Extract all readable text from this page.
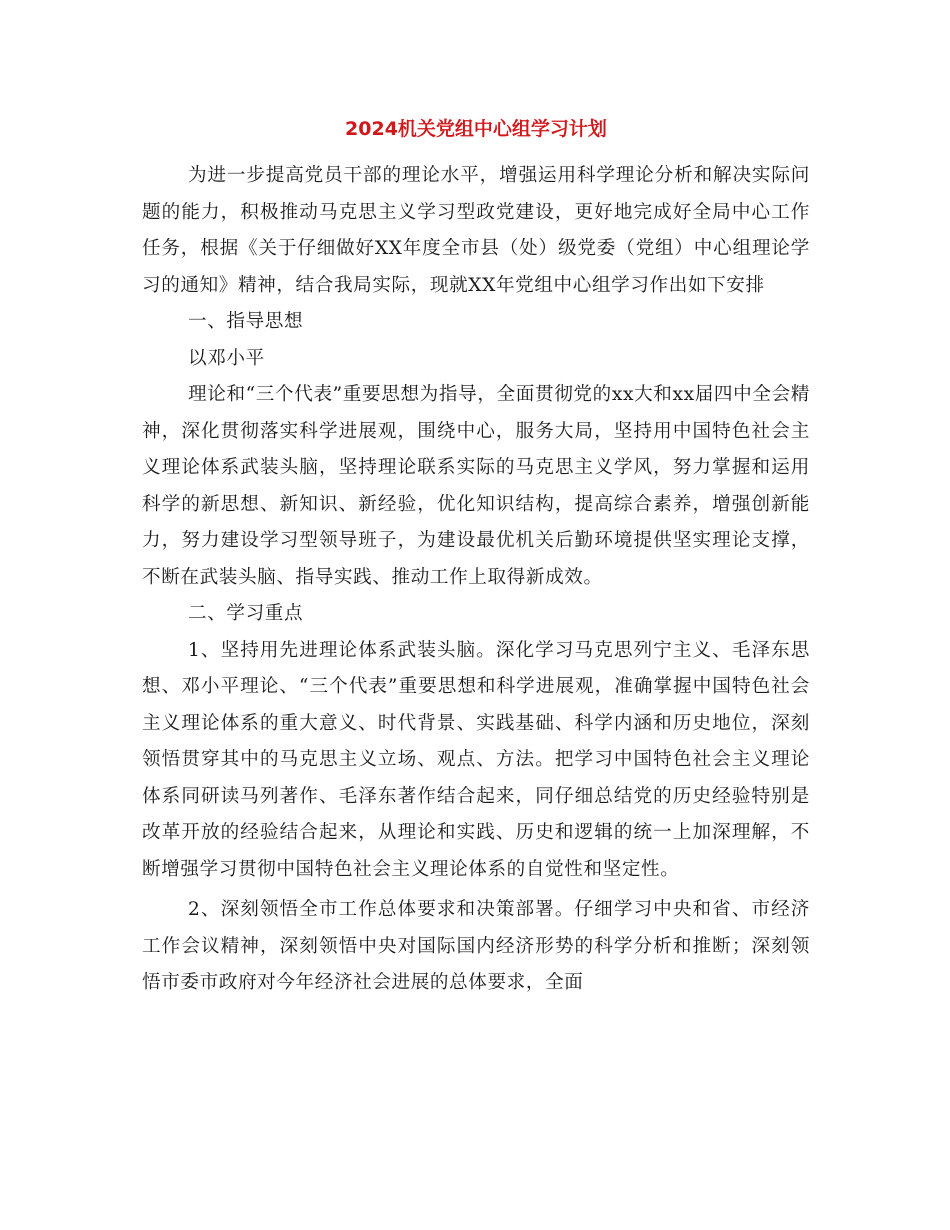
2024机关党组中心组学习计划

为进一步提高党员干部的理论水平，增强运用科学理论分析和解决实际问题的能力，积极推动马克思主义学习型政党建设，更好地完成好全局中心工作任务，根据《关于仔细做好XX年度全市县（处）级党委（党组）中心组理论学习的通知》精神，结合我局实际，现就XX年党组中心组学习作出如下安排

一、指导思想

以邓小平

理论和“三个代表”重要思想为指导，全面贯彻党的xx大和xx届四中全会精神，深化贯彻落实科学进展观，围绕中心，服务大局，坚持用中国特色社会主义理论体系武装头脑，坚持理论联系实际的马克思主义学风，努力掌握和运用科学的新思想、新知识、新经验，优化知识结构，提高综合素养，增强创新能力，努力建设学习型领导班子，为建设最优机关后勤环境提供坚实理论支撑，不断在武装头脑、指导实践、推动工作上取得新成效。

二、学习重点

1、坚持用先进理论体系武装头脑。深化学习马克思列宁主义、毛泽东思想、邓小平理论、“三个代表”重要思想和科学进展观，准确掌握中国特色社会主义理论体系的重大意义、时代背景、实践基础、科学内涵和历史地位，深刻领悟贯穿其中的马克思主义立场、观点、方法。把学习中国特色社会主义理论体系同研读马列著作、毛泽东著作结合起来，同仔细总结党的历史经验特别是改革开放的经验结合起来，从理论和实践、历史和逻辑的统一上加深理解，不断增强学习贯彻中国特色社会主义理论体系的自觉性和坚定性。

2、深刻领悟全市工作总体要求和决策部署。仔细学习中央和省、市经济工作会议精神，深刻领悟中央对国际国内经济形势的科学分析和推断；深刻领悟市委市政府对今年经济社会进展的总体要求，全面
